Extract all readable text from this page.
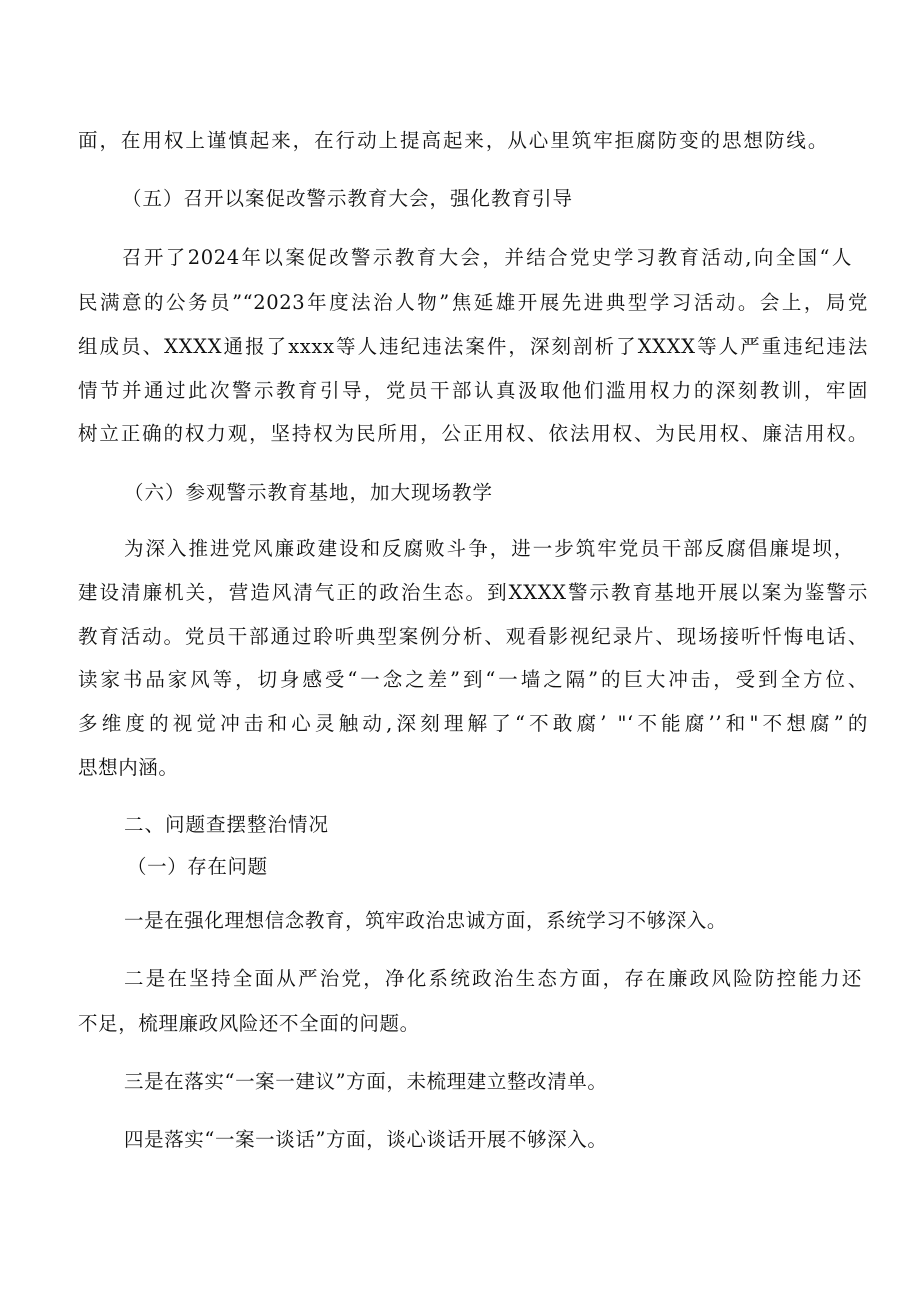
面，在用权上谨慎起来，在行动上提高起来，从心里筑牢拒腐防变的思想防线。
（五）召开以案促改警示教育大会，强化教育引导
召开了2024年以案促改警示教育大会，并结合党史学习教育活动,向全国“人
民满意的公务员”“2023年度法治人物”焦延雄开展先进典型学习活动。会上，局党
组成员、XXXX通报了xxxx等人违纪违法案件，深刻剖析了XXXX等人严重违纪违法
情节并通过此次警示教育引导，党员干部认真汲取他们滥用权力的深刻教训，牢固
树立正确的权力观，坚持权为民所用，公正用权、依法用权、为民用权、廉洁用权。
（六）参观警示教育基地，加大现场教学
为深入推进党风廉政建设和反腐败斗争，进一步筑牢党员干部反腐倡廉堤坝，
建设清廉机关，营造风清气正的政治生态。到XXXX警示教育基地开展以案为鉴警示
教育活动。党员干部通过聆听典型案例分析、观看影视纪录片、现场接听忏悔电话、
读家书品家风等，切身感受“一念之差”到“一墙之隔”的巨大冲击，受到全方位、
多维度的视觉冲击和心灵触动,深刻理解了“不敢腐’ "‘不能腐’’和"不想腐”的
思想内涵。
二、问题查摆整治情况
（一）存在问题
一是在强化理想信念教育，筑牢政治忠诚方面，系统学习不够深入。
二是在坚持全面从严治党，净化系统政治生态方面，存在廉政风险防控能力还
不足，梳理廉政风险还不全面的问题。
三是在落实“一案一建议”方面，未梳理建立整改清单。
四是落实“一案一谈话”方面，谈心谈话开展不够深入。
